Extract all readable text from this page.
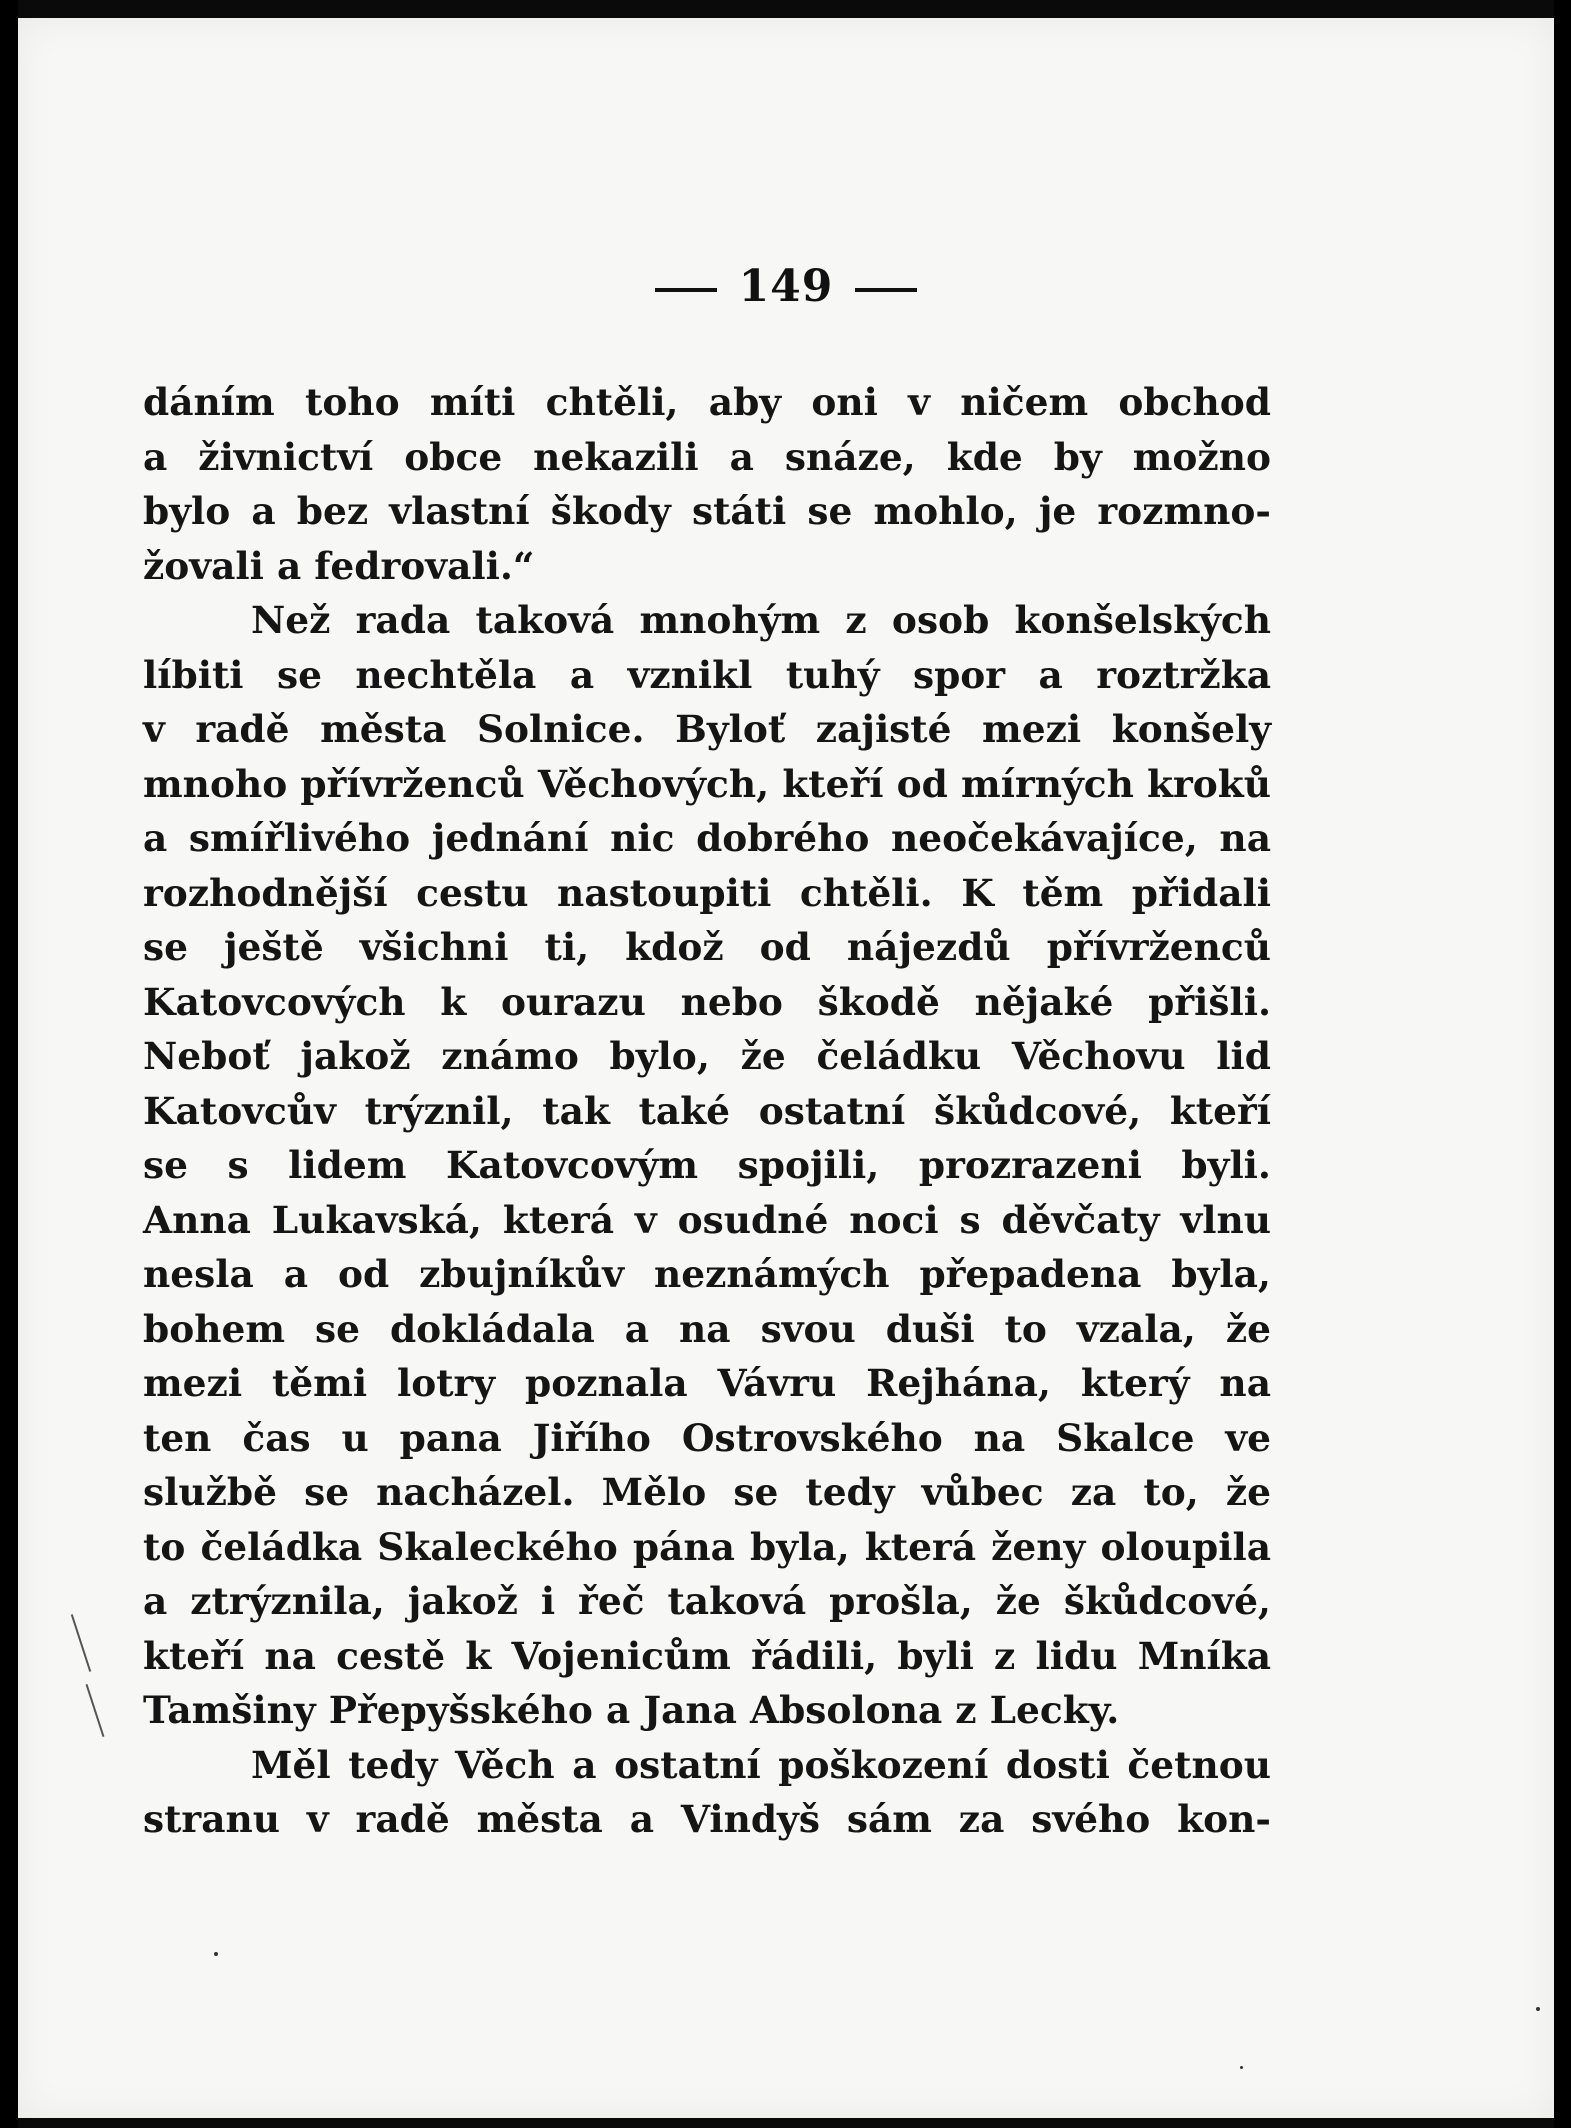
149
dáním toho míti chtěli, aby oni v ničem obchod
a živnictví obce nekazili a snáze, kde by možno
bylo a bez vlastní škody státi se mohlo, je rozmno-
žovali a fedrovali.“
Než rada taková mnohým z osob konšelských
líbiti se nechtěla a vznikl tuhý spor a roztržka
v radě města Solnice. Byloť zajisté mezi konšely
mnoho přívrženců Věchových, kteří od mírných kroků
a smířlivého jednání nic dobrého neočekávajíce, na
rozhodnější cestu nastoupiti chtěli. K těm přidali
se ještě všichni ti, kdož od nájezdů přívrženců
Katovcových k ourazu nebo škodě nějaké přišli.
Neboť jakož známo bylo, že čeládku Věchovu lid
Katovcův trýznil, tak také ostatní škůdcové, kteří
se s lidem Katovcovým spojili, prozrazeni byli.
Anna Lukavská, která v osudné noci s děvčaty vlnu
nesla a od zbujníkův neznámých přepadena byla,
bohem se dokládala a na svou duši to vzala, že
mezi těmi lotry poznala Vávru Rejhána, který na
ten čas u pana Jiřího Ostrovského na Skalce ve
službě se nacházel. Mělo se tedy vůbec za to, že
to čeládka Skaleckého pána byla, která ženy oloupila
a ztrýznila, jakož i řeč taková prošla, že škůdcové,
kteří na cestě k Vojenicům řádili, byli z lidu Mníka
Tamšiny Přepyšského a Jana Absolona z Lecky.
Měl tedy Věch a ostatní poškození dosti četnou
stranu v radě města a Vindyš sám za svého kon-
